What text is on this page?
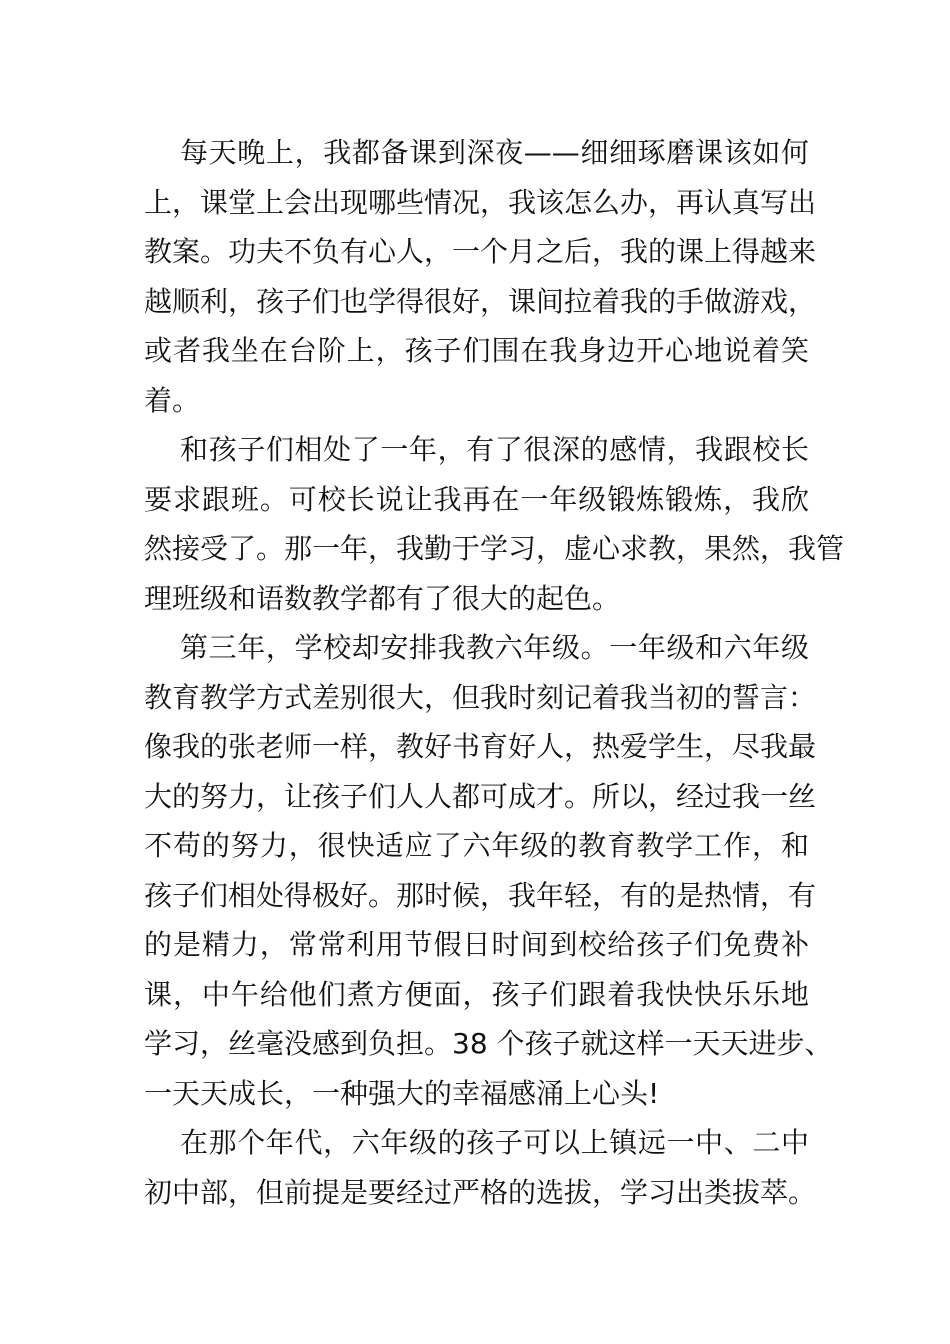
每天晚上，我都备课到深夜——细细琢磨课该如何
上，课堂上会出现哪些情况，我该怎么办，再认真写出
教案。功夫不负有心人，一个月之后，我的课上得越来
越顺利，孩子们也学得很好，课间拉着我的手做游戏，
或者我坐在台阶上，孩子们围在我身边开心地说着笑
着。
和孩子们相处了一年，有了很深的感情，我跟校长
要求跟班。可校长说让我再在一年级锻炼锻炼，我欣
然接受了。那一年，我勤于学习，虚心求教，果然，我管
理班级和语数教学都有了很大的起色。
第三年，学校却安排我教六年级。一年级和六年级
教育教学方式差别很大，但我时刻记着我当初的誓言：
像我的张老师一样，教好书育好人，热爱学生，尽我最
大的努力，让孩子们人人都可成才。所以，经过我一丝
不苟的努力，很快适应了六年级的教育教学工作，和
孩子们相处得极好。那时候，我年轻，有的是热情，有
的是精力，常常利用节假日时间到校给孩子们免费补
课，中午给他们煮方便面，孩子们跟着我快快乐乐地
学习，丝毫没感到负担。38 个孩子就这样一天天进步、
一天天成长，一种强大的幸福感涌上心头!
在那个年代，六年级的孩子可以上镇远一中、二中
初中部，但前提是要经过严格的选拔，学习出类拔萃。
